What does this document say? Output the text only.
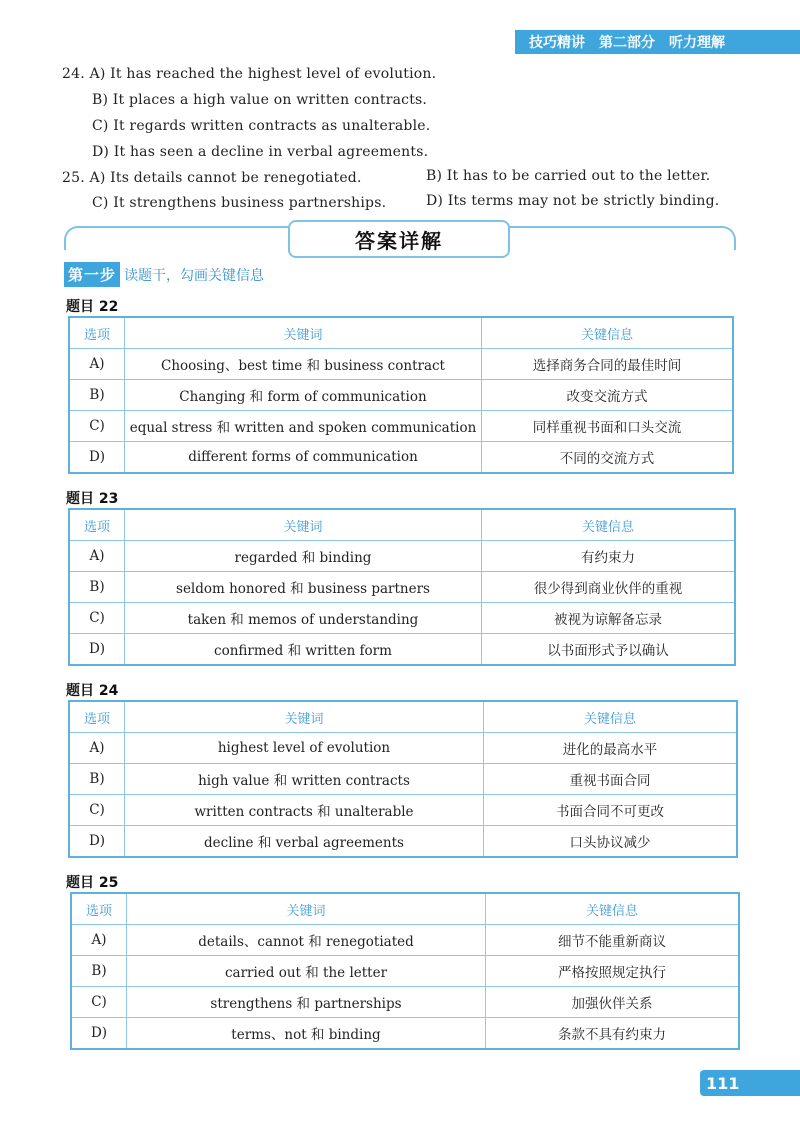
技巧精讲 第二部分 听力理解
24. A) It has reached the highest level of evolution.
B) It places a high value on written contracts.
C) It regards written contracts as unalterable.
D) It has seen a decline in verbal agreements.
25. A) Its details cannot be renegotiated.	B) It has to be carried out to the letter.
C) It strengthens business partnerships.	D) Its terms may not be strictly binding.
答案详解
第一步 读题干，勾画关键信息
题目 22
选项	关键词	关键信息
A)	Choosing、best time 和 business contract	选择商务合同的最佳时间
B)	Changing 和 form of communication	改变交流方式
C)	equal stress 和 written and spoken communication	同样重视书面和口头交流
D)	different forms of communication	不同的交流方式
题目 23
选项	关键词	关键信息
A)	regarded 和 binding	有约束力
B)	seldom honored 和 business partners	很少得到商业伙伴的重视
C)	taken 和 memos of understanding	被视为谅解备忘录
D)	confirmed 和 written form	以书面形式予以确认
题目 24
选项	关键词	关键信息
A)	highest level of evolution	进化的最高水平
B)	high value 和 written contracts	重视书面合同
C)	written contracts 和 unalterable	书面合同不可更改
D)	decline 和 verbal agreements	口头协议减少
题目 25
选项	关键词	关键信息
A)	details、cannot 和 renegotiated	细节不能重新商议
B)	carried out 和 the letter	严格按照规定执行
C)	strengthens 和 partnerships	加强伙伴关系
D)	terms、not 和 binding	条款不具有约束力
111
